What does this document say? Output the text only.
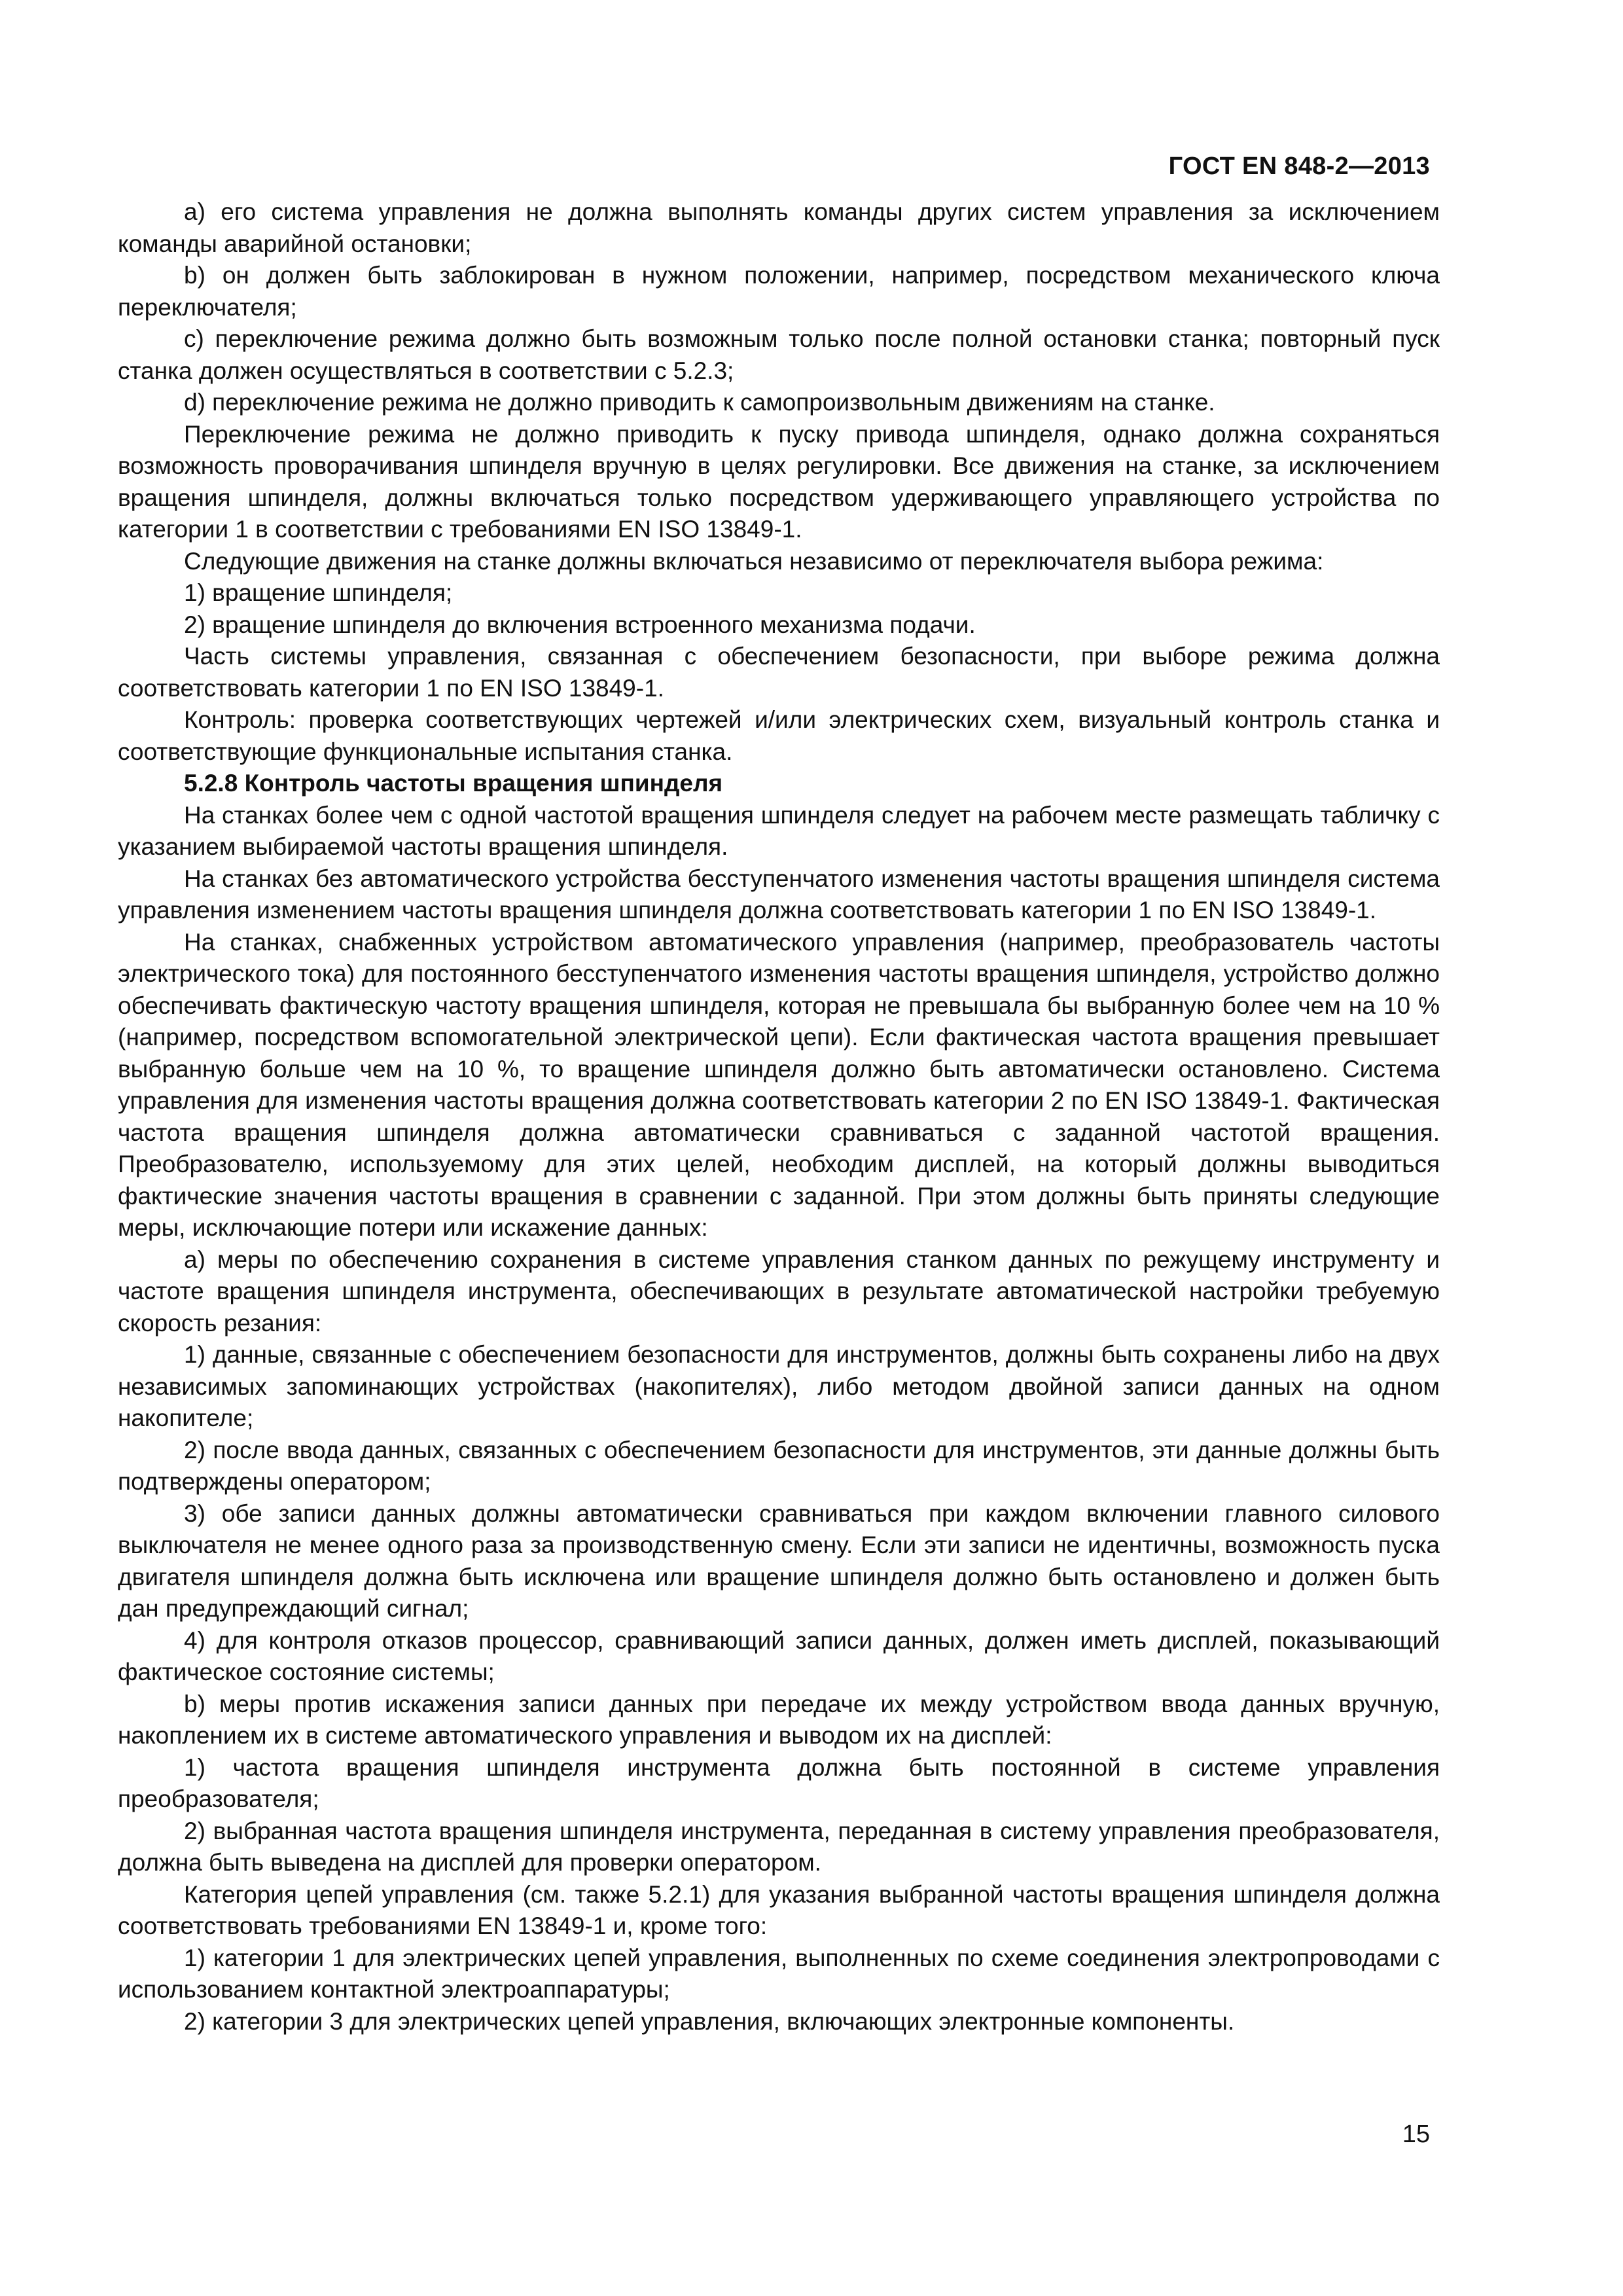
ГОСТ EN 848-2—2013

a) его система управления не должна выполнять команды других систем управления за исключением команды аварийной остановки;

b) он должен быть заблокирован в нужном положении, например, посредством механического ключа переключателя;

c) переключение режима должно быть возможным только после полной остановки станка; повторный пуск станка должен осуществляться в соответствии с 5.2.3;

d) переключение режима не должно приводить к самопроизвольным движениям на станке.

Переключение режима не должно приводить к пуску привода шпинделя, однако должна сохраняться возможность проворачивания шпинделя вручную в целях регулировки. Все движения на станке, за исключением вращения шпинделя, должны включаться только посредством удерживающего управляющего устройства по категории 1 в соответствии с требованиями EN ISO 13849-1.

Следующие движения на станке должны включаться независимо от переключателя выбора режима:

1) вращение шпинделя;

2) вращение шпинделя до включения встроенного механизма подачи.

Часть системы управления, связанная с обеспечением безопасности, при выборе режима должна соответствовать категории 1 по EN ISO 13849-1.

Контроль: проверка соответствующих чертежей и/или электрических схем, визуальный контроль станка и соответствующие функциональные испытания станка.

5.2.8 Контроль частоты вращения шпинделя

На станках более чем с одной частотой вращения шпинделя следует на рабочем месте размещать табличку с указанием выбираемой частоты вращения шпинделя.

На станках без автоматического устройства бесступенчатого изменения частоты вращения шпинделя система управления изменением частоты вращения шпинделя должна соответствовать категории 1 по EN ISO 13849-1.

На станках, снабженных устройством автоматического управления (например, преобразователь частоты электрического тока) для постоянного бесступенчатого изменения частоты вращения шпинделя, устройство должно обеспечивать фактическую частоту вращения шпинделя, которая не превышала бы выбранную более чем на 10 % (например, посредством вспомогательной электрической цепи). Если фактическая частота вращения превышает выбранную больше чем на 10 %, то вращение шпинделя должно быть автоматически остановлено. Система управления для изменения частоты вращения должна соответствовать категории 2 по EN ISO 13849-1. Фактическая частота вращения шпинделя должна автоматически сравниваться с заданной частотой вращения. Преобразователю, используемому для этих целей, необходим дисплей, на который должны выводиться фактические значения частоты вращения в сравнении с заданной. При этом должны быть приняты следующие меры, исключающие потери или искажение данных:

a) меры по обеспечению сохранения в системе управления станком данных по режущему инструменту и частоте вращения шпинделя инструмента, обеспечивающих в результате автоматической настройки требуемую скорость резания:

1) данные, связанные с обеспечением безопасности для инструментов, должны быть сохранены либо на двух независимых запоминающих устройствах (накопителях), либо методом двойной записи данных на одном накопителе;

2) после ввода данных, связанных с обеспечением безопасности для инструментов, эти данные должны быть подтверждены оператором;

3) обе записи данных должны автоматически сравниваться при каждом включении главного силового выключателя не менее одного раза за производственную смену. Если эти записи не идентичны, возможность пуска двигателя шпинделя должна быть исключена или вращение шпинделя должно быть остановлено и должен быть дан предупреждающий сигнал;

4) для контроля отказов процессор, сравнивающий записи данных, должен иметь дисплей, показывающий фактическое состояние системы;

b) меры против искажения записи данных при передаче их между устройством ввода данных вручную, накоплением их в системе автоматического управления и выводом их на дисплей:

1) частота вращения шпинделя инструмента должна быть постоянной в системе управления преобразователя;

2) выбранная частота вращения шпинделя инструмента, переданная в систему управления преобразователя, должна быть выведена на дисплей для проверки оператором.

Категория цепей управления (см. также 5.2.1) для указания выбранной частоты вращения шпинделя должна соответствовать требованиями EN 13849-1 и, кроме того:

1) категории 1 для электрических цепей управления, выполненных по схеме соединения электропроводами с использованием контактной электроаппаратуры;

2) категории 3 для электрических цепей управления, включающих электронные компоненты.

15
